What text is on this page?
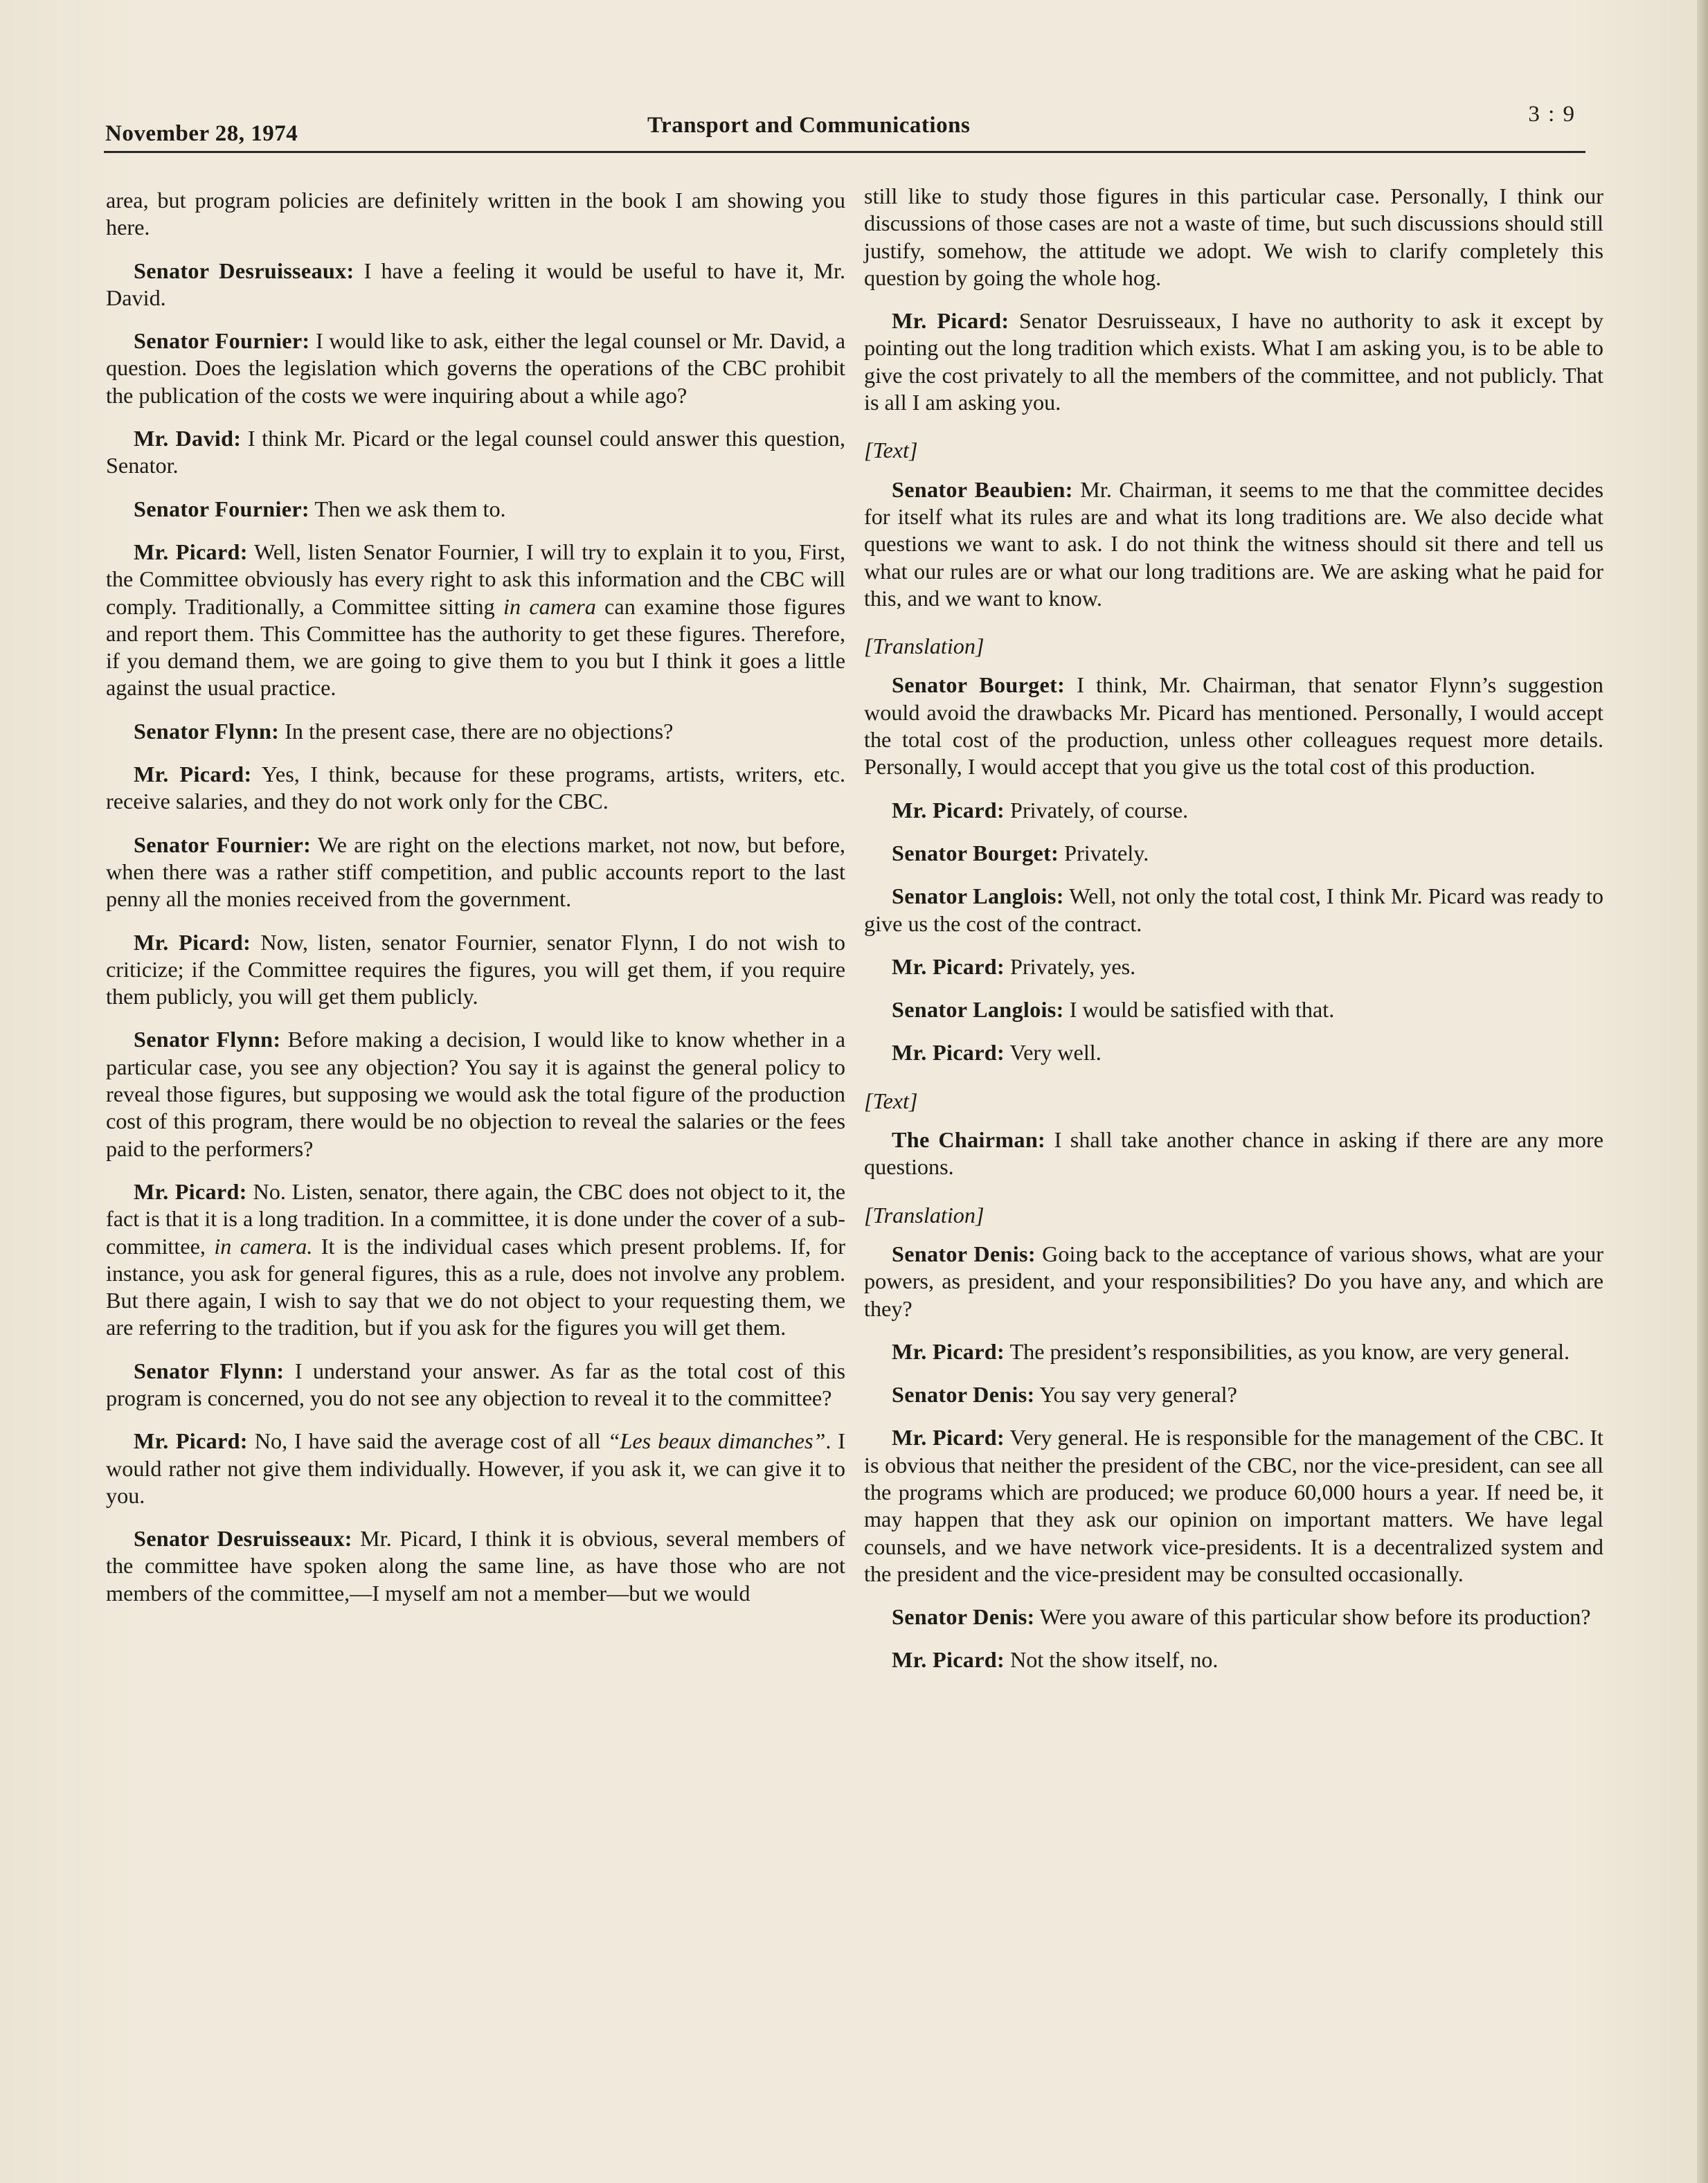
November 28, 1974	Transport and Communications	3 : 9

area, but program policies are definitely written in the book I am showing you here.

Senator Desruisseaux: I have a feeling it would be useful to have it, Mr. David.

Senator Fournier: I would like to ask, either the legal counsel or Mr. David, a question. Does the legislation which governs the operations of the CBC prohibit the publication of the costs we were inquiring about a while ago?

Mr. David: I think Mr. Picard or the legal counsel could answer this question, Senator.

Senator Fournier: Then we ask them to.

Mr. Picard: Well, listen Senator Fournier, I will try to explain it to you, First, the Committee obviously has every right to ask this information and the CBC will comply. Traditionally, a Committee sitting in camera can examine those figures and report them. This Committee has the authority to get these figures. Therefore, if you demand them, we are going to give them to you but I think it goes a little against the usual practice.

Senator Flynn: In the present case, there are no objections?

Mr. Picard: Yes, I think, because for these programs, artists, writers, etc. receive salaries, and they do not work only for the CBC.

Senator Fournier: We are right on the elections market, not now, but before, when there was a rather stiff competition, and public accounts report to the last penny all the monies received from the government.

Mr. Picard: Now, listen, senator Fournier, senator Flynn, I do not wish to criticize; if the Committee requires the figures, you will get them, if you require them publicly, you will get them publicly.

Senator Flynn: Before making a decision, I would like to know whether in a particular case, you see any objection? You say it is against the general policy to reveal those figures, but supposing we would ask the total figure of the production cost of this program, there would be no objection to reveal the salaries or the fees paid to the performers?

Mr. Picard: No. Listen, senator, there again, the CBC does not object to it, the fact is that it is a long tradition. In a committee, it is done under the cover of a sub-committee, in camera. It is the individual cases which present problems. If, for instance, you ask for general figures, this as a rule, does not involve any problem. But there again, I wish to say that we do not object to your requesting them, we are referring to the tradition, but if you ask for the figures you will get them.

Senator Flynn: I understand your answer. As far as the total cost of this program is concerned, you do not see any objection to reveal it to the committee?

Mr. Picard: No, I have said the average cost of all “Les beaux dimanches”. I would rather not give them individually. However, if you ask it, we can give it to you.

Senator Desruisseaux: Mr. Picard, I think it is obvious, several members of the committee have spoken along the same line, as have those who are not members of the committee,—I myself am not a member—but we would

still like to study those figures in this particular case. Personally, I think our discussions of those cases are not a waste of time, but such discussions should still justify, somehow, the attitude we adopt. We wish to clarify completely this question by going the whole hog.

Mr. Picard: Senator Desruisseaux, I have no authority to ask it except by pointing out the long tradition which exists. What I am asking you, is to be able to give the cost privately to all the members of the committee, and not publicly. That is all I am asking you.

[Text]

Senator Beaubien: Mr. Chairman, it seems to me that the committee decides for itself what its rules are and what its long traditions are. We also decide what questions we want to ask. I do not think the witness should sit there and tell us what our rules are or what our long traditions are. We are asking what he paid for this, and we want to know.

[Translation]

Senator Bourget: I think, Mr. Chairman, that senator Flynn’s suggestion would avoid the drawbacks Mr. Picard has mentioned. Personally, I would accept the total cost of the production, unless other colleagues request more details. Personally, I would accept that you give us the total cost of this production.

Mr. Picard: Privately, of course.

Senator Bourget: Privately.

Senator Langlois: Well, not only the total cost, I think Mr. Picard was ready to give us the cost of the contract.

Mr. Picard: Privately, yes.

Senator Langlois: I would be satisfied with that.

Mr. Picard: Very well.

[Text]

The Chairman: I shall take another chance in asking if there are any more questions.

[Translation]

Senator Denis: Going back to the acceptance of various shows, what are your powers, as president, and your responsibilities? Do you have any, and which are they?

Mr. Picard: The president’s responsibilities, as you know, are very general.

Senator Denis: You say very general?

Mr. Picard: Very general. He is responsible for the management of the CBC. It is obvious that neither the president of the CBC, nor the vice-president, can see all the programs which are produced; we produce 60,000 hours a year. If need be, it may happen that they ask our opinion on important matters. We have legal counsels, and we have network vice-presidents. It is a decentralized system and the president and the vice-president may be consulted occasionally.

Senator Denis: Were you aware of this particular show before its production?

Mr. Picard: Not the show itself, no.
